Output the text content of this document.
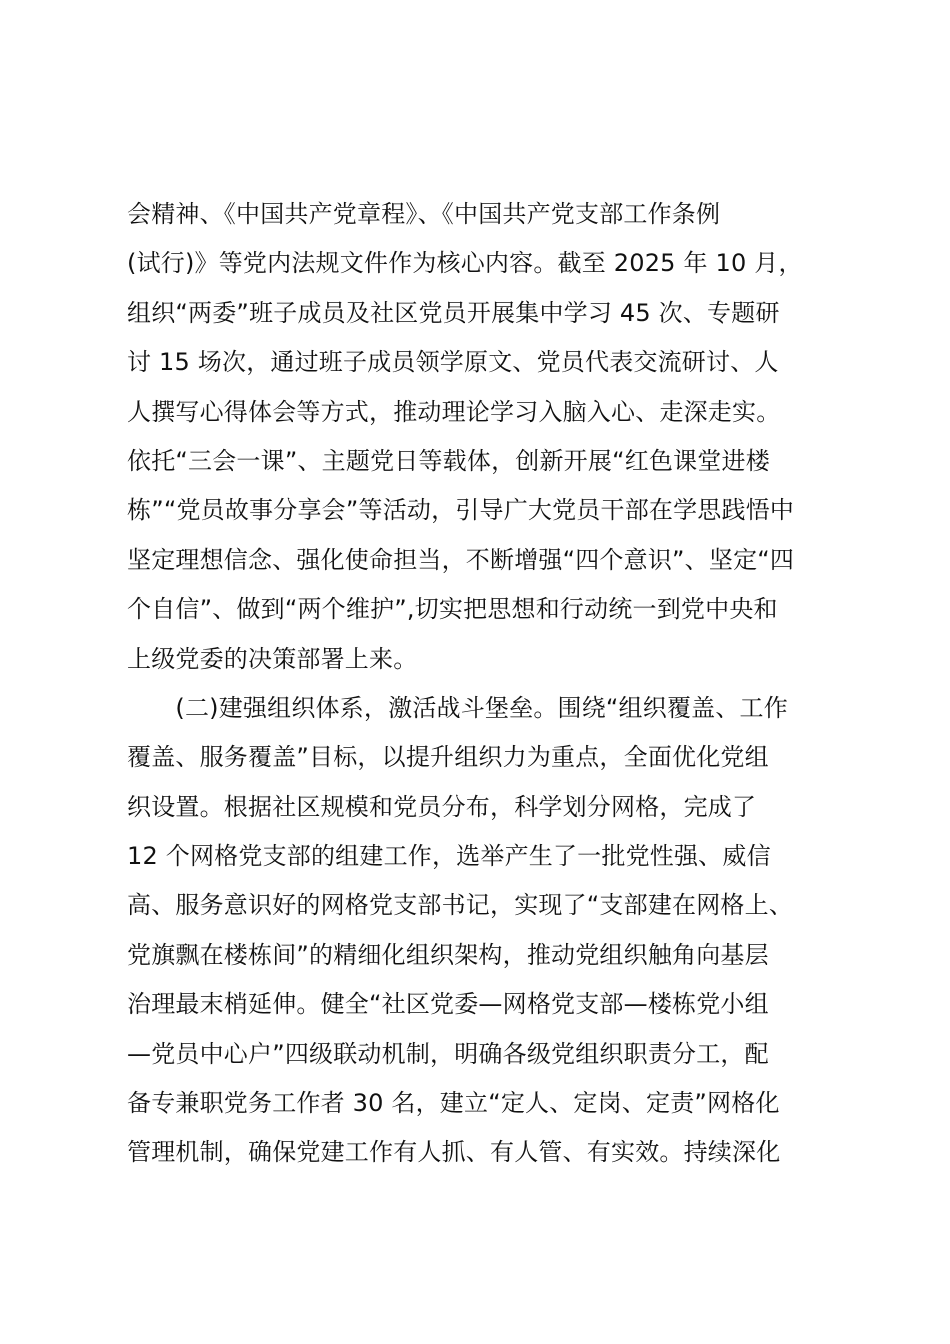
会精神、《中国共产党章程》、《中国共产党支部工作条例
(试行)》等党内法规文件作为核心内容。截至 2025 年 10 月，
组织“两委”班子成员及社区党员开展集中学习 45 次、专题研
讨 15 场次，通过班子成员领学原文、党员代表交流研讨、人
人撰写心得体会等方式，推动理论学习入脑入心、走深走实。
依托“三会一课”、主题党日等载体，创新开展“红色课堂进楼
栋”“党员故事分享会”等活动，引导广大党员干部在学思践悟中
坚定理想信念、强化使命担当，不断增强“四个意识”、坚定“四
个自信”、做到“两个维护”,切实把思想和行动统一到党中央和
上级党委的决策部署上来。
　　(二)建强组织体系，激活战斗堡垒。围绕“组织覆盖、工作
覆盖、服务覆盖”目标，以提升组织力为重点，全面优化党组
织设置。根据社区规模和党员分布，科学划分网格，完成了
12 个网格党支部的组建工作，选举产生了一批党性强、威信
高、服务意识好的网格党支部书记，实现了“支部建在网格上、
党旗飘在楼栋间”的精细化组织架构，推动党组织触角向基层
治理最末梢延伸。健全“社区党委—网格党支部—楼栋党小组
—党员中心户”四级联动机制，明确各级党组织职责分工，配
备专兼职党务工作者 30 名，建立“定人、定岗、定责”网格化
管理机制，确保党建工作有人抓、有人管、有实效。持续深化
